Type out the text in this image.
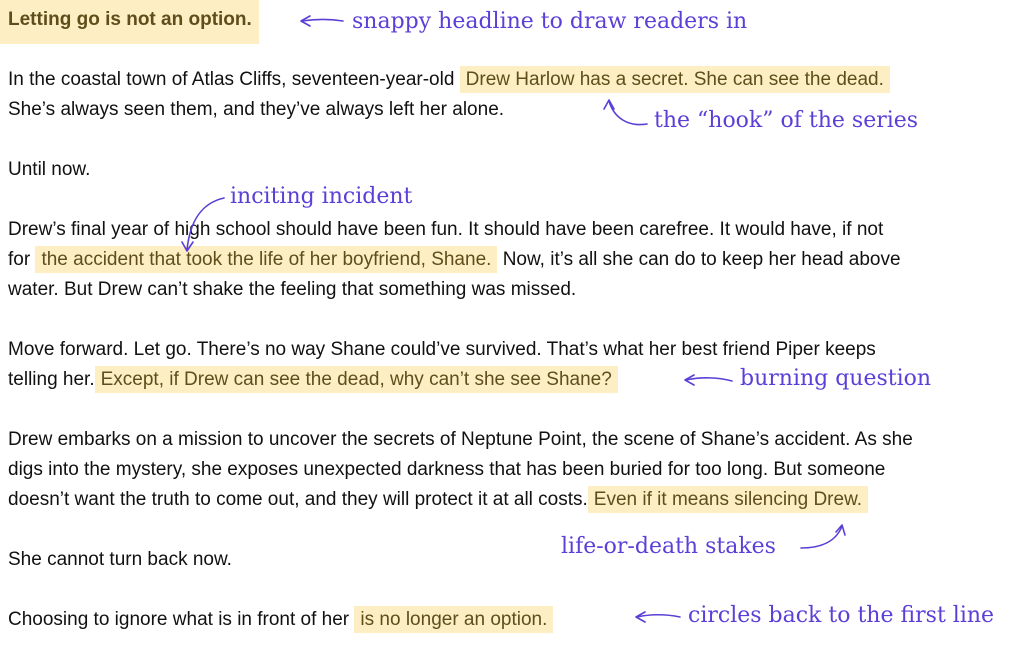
Letting go is not an option.
In the coastal town of Atlas Cliffs, seventeen-year-old Drew Harlow has a secret. She can see the dead.
She’s always seen them, and they’ve always left her alone.
Until now.
Drew’s final year of high school should have been fun. It should have been carefree. It would have, if not
for the accident that took the life of her boyfriend, Shane. Now, it’s all she can do to keep her head above
water. But Drew can’t shake the feeling that something was missed.
Move forward. Let go. There’s no way Shane could’ve survived. That’s what her best friend Piper keeps
telling her. Except, if Drew can see the dead, why can’t she see Shane?
Drew embarks on a mission to uncover the secrets of Neptune Point, the scene of Shane’s accident. As she
digs into the mystery, she exposes unexpected darkness that has been buried for too long. But someone
doesn’t want the truth to come out, and they will protect it at all costs. Even if it means silencing Drew.
She cannot turn back now.
Choosing to ignore what is in front of her is no longer an option.
snappy headline to draw readers in
the “hook” of the series
inciting incident
burning question
life-or-death stakes
circles back to the first line
